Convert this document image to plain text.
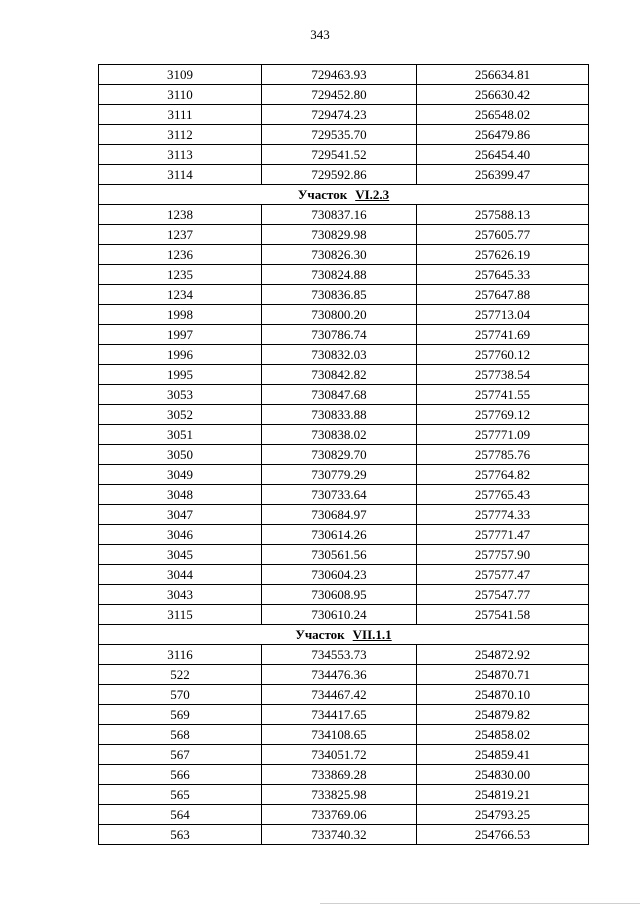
343
3109	729463.93	256634.81
3110	729452.80	256630.42
3111	729474.23	256548.02
3112	729535.70	256479.86
3113	729541.52	256454.40
3114	729592.86	256399.47
Участок VI.2.3		
1238	730837.16	257588.13
1237	730829.98	257605.77
1236	730826.30	257626.19
1235	730824.88	257645.33
1234	730836.85	257647.88
1998	730800.20	257713.04
1997	730786.74	257741.69
1996	730832.03	257760.12
1995	730842.82	257738.54
3053	730847.68	257741.55
3052	730833.88	257769.12
3051	730838.02	257771.09
3050	730829.70	257785.76
3049	730779.29	257764.82
3048	730733.64	257765.43
3047	730684.97	257774.33
3046	730614.26	257771.47
3045	730561.56	257757.90
3044	730604.23	257577.47
3043	730608.95	257547.77
3115	730610.24	257541.58
Участок VII.1.1		
3116	734553.73	254872.92
522	734476.36	254870.71
570	734467.42	254870.10
569	734417.65	254879.82
568	734108.65	254858.02
567	734051.72	254859.41
566	733869.28	254830.00
565	733825.98	254819.21
564	733769.06	254793.25
563	733740.32	254766.53
